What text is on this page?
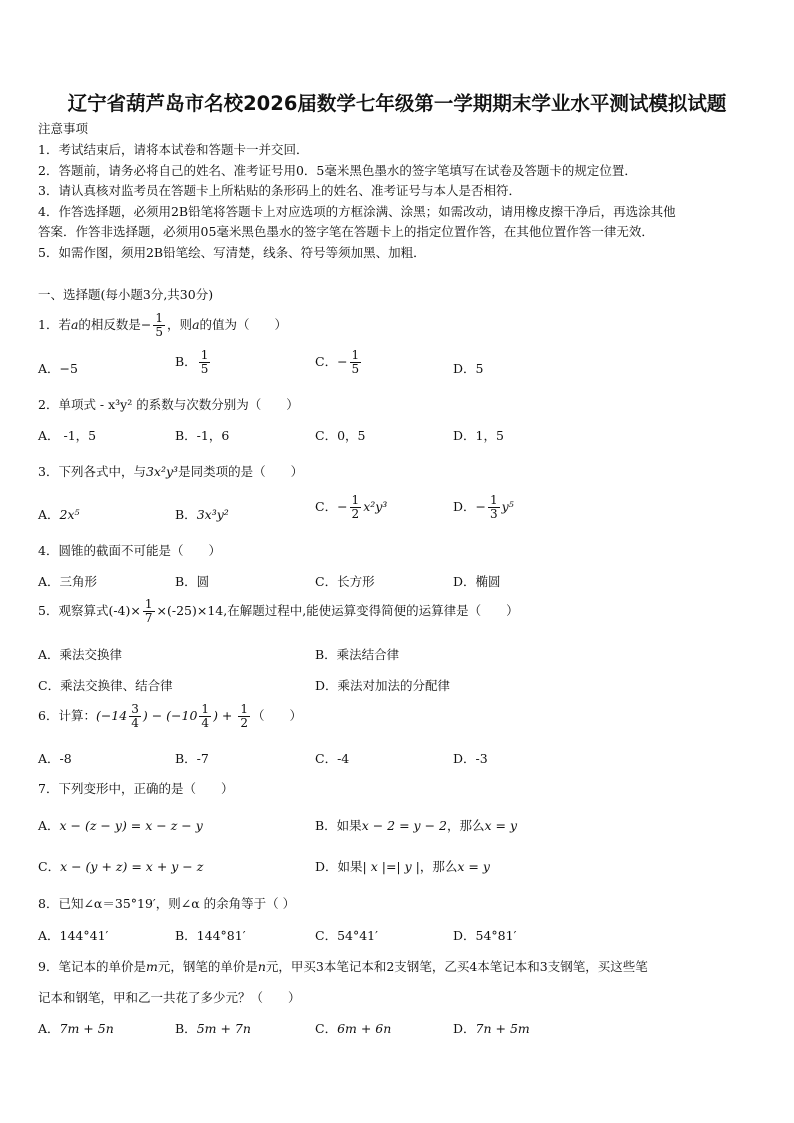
辽宁省葫芦岛市名校2026届数学七年级第一学期期末学业水平测试模拟试题
注意事项
1．考试结束后，请将本试卷和答题卡一并交回．
2．答题前，请务必将自己的姓名、准考证号用0．5毫米黑色墨水的签字笔填写在试卷及答题卡的规定位置．
3．请认真核对监考员在答题卡上所粘贴的条形码上的姓名、准考证号与本人是否相符．
4．作答选择题，必须用2B铅笔将答题卡上对应选项的方框涂满、涂黑；如需改动，请用橡皮擦干净后，再选涂其他
答案．作答非选择题，必须用05毫米黑色墨水的签字笔在答题卡上的指定位置作答，在其他位置作答一律无效．
5．如需作图，须用2B铅笔绘、写清楚，线条、符号等须加黑、加粗．
一、选择题(每小题3分,共30分)
1．若a的相反数是− $\frac{1}{5}$ ，则a的值为（　　）
A．−5	B． $\frac{1}{5}$	C．− $\frac{1}{5}$	D．5
2．单项式 - x³y² 的系数与次数分别为（　　）
A． -1，5	B．-1，6	C．0，5	D．1，5
3．下列各式中，与3x²y³是同类项的是（　　）
A．2x⁵	B．3x³y²
C．− $\frac{1}{2} x^2y^3$	D．− $\frac{1}{3} y^5$
4．圆锥的截面不可能是（　　）
A．三角形	B．圆	C．长方形	D．椭圆
5．观察算式$(-4)\times \frac{1}{7} \times(-25)\times 14$,在解题过程中,能使运算变得简便的运算律是（　　）
A．乘法交换律	B．乘法结合律
C．乘法交换律、结合律	D．乘法对加法的分配律
6．计算：($-14 \frac{3}{4}$ ) − ($-10 \frac{1}{4}$ ) + $\frac{1}{2}$ （　　）
A．-8	B．-7	C．-4	D．-3
7．下列变形中，正确的是（　　）
A．x − (z − y) = x − z − y	B．如果x − 2 = y − 2，那么x = y
C．x − (y + z) = x + y − z	D．如果| x |=| y |，那么x = y
8．已知∠α＝35°19′，则∠α 的余角等于（ ）
A．144°41′	B．144°81′	C．54°41′	D．54°81′
9．笔记本的单价是m元，钢笔的单价是n元，甲买3本笔记本和2支钢笔，乙买4本笔记本和3支钢笔，买这些笔
记本和钢笔，甲和乙一共花了多少元？（　　）
A．7m + 5n	B．5m + 7n	C．6m + 6n	D．7n + 5m
